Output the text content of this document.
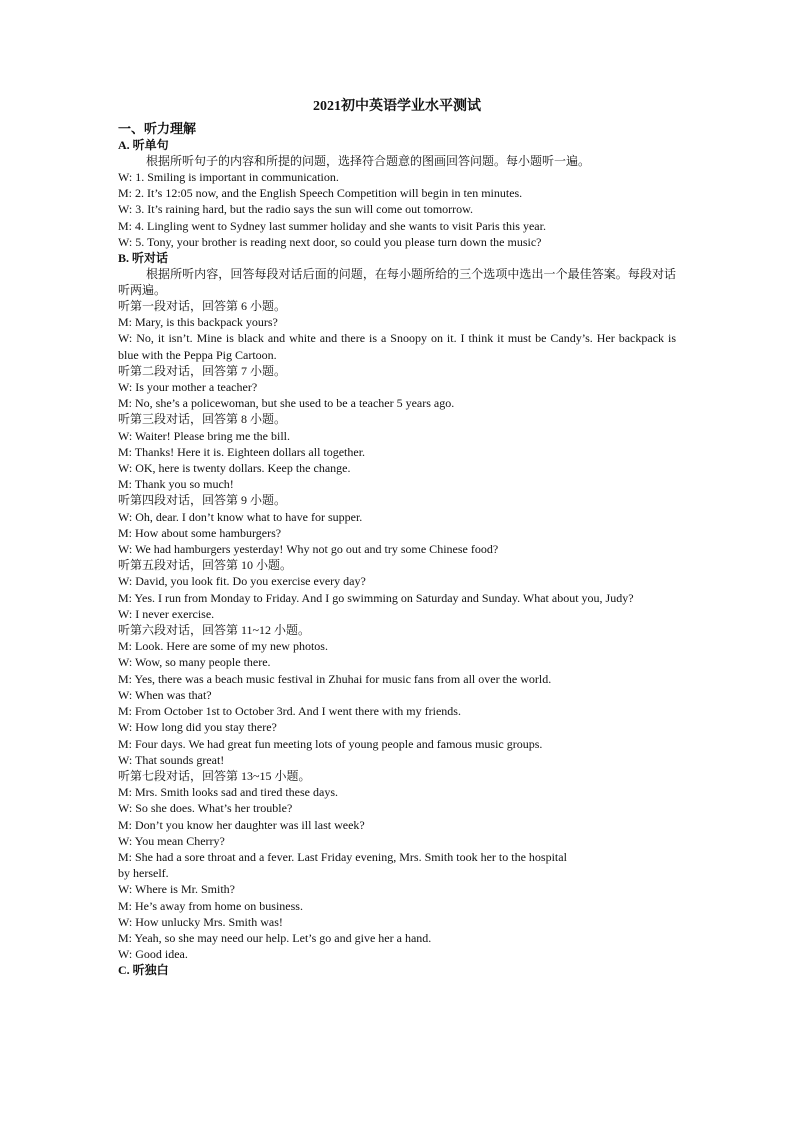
2021初中英语学业水平测试
一、听力理解
A. 听单句
根据所听句子的内容和所提的问题，选择符合题意的图画回答问题。每小题听一遍。
W: 1. Smiling is important in communication.
M: 2. It’s 12:05 now, and the English Speech Competition will begin in ten minutes.
W: 3. It’s raining hard, but the radio says the sun will come out tomorrow.
M: 4. Lingling went to Sydney last summer holiday and she wants to visit Paris this year.
W: 5. Tony, your brother is reading next door, so could you please turn down the music?
B. 听对话
根据所听内容，回答每段对话后面的问题，在每小题所给的三个选项中选出一个最佳答案。每段对话听两遍。
听第一段对话，回答第 6 小题。
M: Mary, is this backpack yours?
W: No, it isn’t. Mine is black and white and there is a Snoopy on it. I think it must be Candy’s. Her backpack is blue with the Peppa Pig Cartoon.
听第二段对话，回答第 7 小题。
W: Is your mother a teacher?
M: No, she’s a policewoman, but she used to be a teacher 5 years ago.
听第三段对话，回答第 8 小题。
W: Waiter! Please bring me the bill.
M: Thanks! Here it is. Eighteen dollars all together.
W: OK, here is twenty dollars. Keep the change.
M: Thank you so much!
听第四段对话，回答第 9 小题。
W: Oh, dear. I don’t know what to have for supper.
M: How about some hamburgers?
W: We had hamburgers yesterday! Why not go out and try some Chinese food?
听第五段对话，回答第 10 小题。
W: David, you look fit. Do you exercise every day?
M: Yes. I run from Monday to Friday. And I go swimming on Saturday and Sunday. What about you, Judy?
W: I never exercise.
听第六段对话，回答第 11~12 小题。
M: Look. Here are some of my new photos.
W: Wow, so many people there.
M: Yes, there was a beach music festival in Zhuhai for music fans from all over the world.
W: When was that?
M: From October 1st to October 3rd. And I went there with my friends.
W: How long did you stay there?
M: Four days. We had great fun meeting lots of young people and famous music groups.
W: That sounds great!
听第七段对话，回答第 13~15 小题。
M: Mrs. Smith looks sad and tired these days.
W: So she does. What’s her trouble?
M: Don’t you know her daughter was ill last week?
W: You mean Cherry?
M: She had a sore throat and a fever. Last Friday evening, Mrs. Smith took her to the hospital
by herself.
W: Where is Mr. Smith?
M: He’s away from home on business.
W: How unlucky Mrs. Smith was!
M: Yeah, so she may need our help. Let’s go and give her a hand.
W: Good idea.
C. 听独白
